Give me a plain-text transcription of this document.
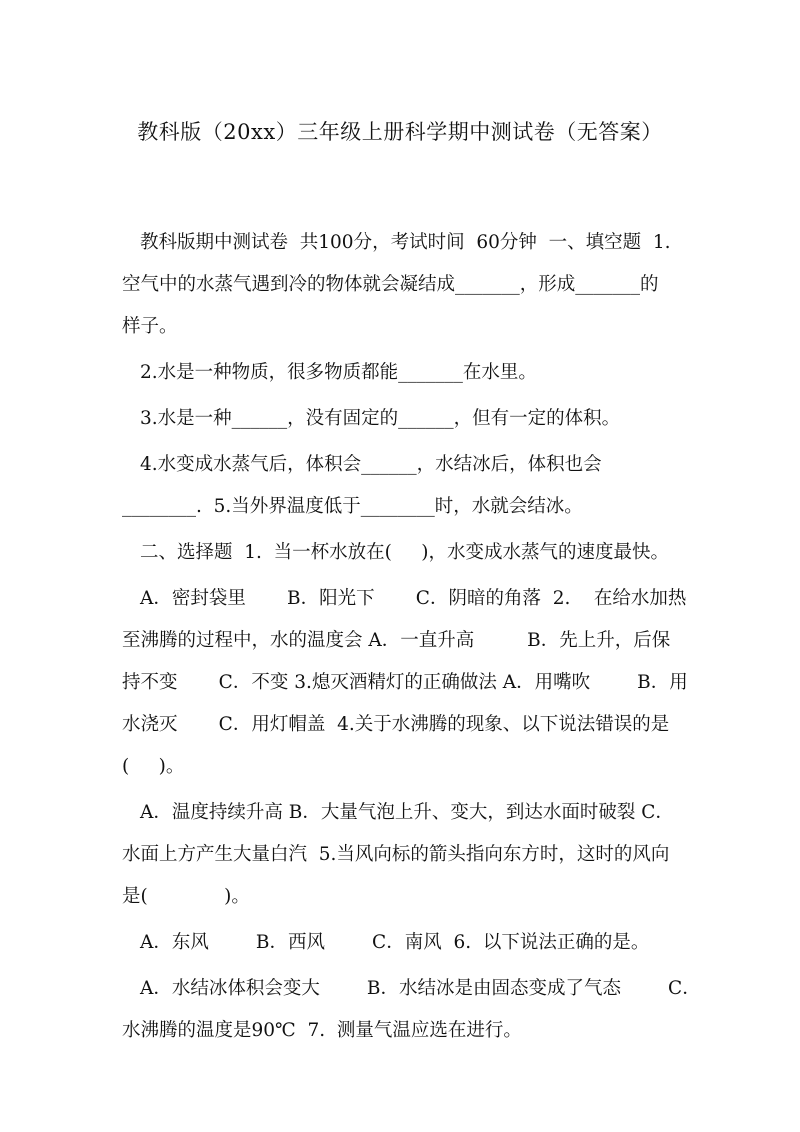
教科版（20xx）三年级上册科学期中测试卷（无答案）
教科版期中测试卷  共100分，考试时间  60分钟  一、填空题  1.
空气中的水蒸气遇到冷的物体就会凝结成_______，形成_______的
样子。
2.水是一种物质，很多物质都能_______在水里。
3.水是一种______，没有固定的______，但有一定的体积。
4.水变成水蒸气后，体积会______，水结冰后，体积也会
________.  5.当外界温度低于________时，水就会结冰。
二、选择题  1.  当一杯水放在(     )，水变成水蒸气的速度最快。
A．密封袋里       B．阳光下       C．阴暗的角落  2.    在给水加热
至沸腾的过程中，水的温度会 A．一直升高         B．先上升，后保
持不变       C．不变 3.熄灭酒精灯的正确做法 A．用嘴吹        B．用
水浇灭       C．用灯帽盖  4.关于水沸腾的现象、以下说法错误的是
(     )。
A．温度持续升高 B．大量气泡上升、变大，到达水面时破裂 C．
水面上方产生大量白汽  5.当风向标的箭头指向东方时，这时的风向
是(             )。
A．东风        B．西风        C．南风  6.  以下说法正确的是。
A．水结冰体积会变大        B．水结冰是由固态变成了气态        C．
水沸腾的温度是90℃  7.  测量气温应选在进行。
